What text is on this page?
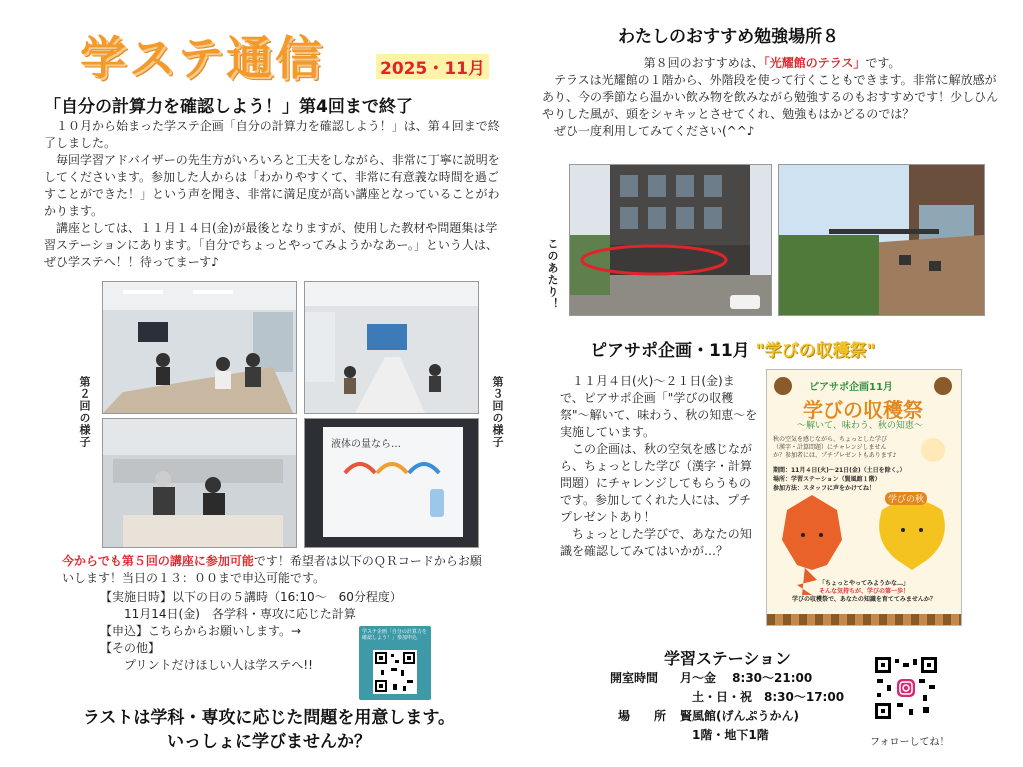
学ステ通信	2025・11月
「自分の計算力を確認しよう！」第4回まで終了

　１０月から始まった学ステ企画「自分の計算力を確認しよう！」は、第４回まで終了しました。

　毎回学習アドバイザーの先生方がいろいろと工夫をしながら、非常に丁寧に説明をしてくださいます。参加した人からは「わかりやすくて、非常に有意義な時間を過ごすことができた！」という声を聞き、非常に満足度が高い講座となっていることがわかります。

　講座としては、１１月１４日(金)が最後となりますが、使用した教材や問題集は学習ステーションにあります。「自分でちょっとやってみようかなあー。」という人は、ぜひ学ステへ！！待ってまーす♪

液体の量なら…
第２回の様子	第３回の様子

今からでも第５回の講座に参加可能です！希望者は以下のＱＲコードからお願いします！当日の１３：００まで申込可能です。

【実施日時】以下の日の５講時（16:10～　60分程度）

　　11月14日(金)　各学科・専攻に応じた計算

【申込】こちらからお願いします。→

【その他】

　　プリントだけほしい人は学ステへ!!

学ステ企画「自分の計算力を確認しよう！」参加申込
ラストは学科・専攻に応じた問題を用意します。
いっしょに学びませんか？
わたしのおすすめ勉強場所８

第８回のおすすめは、「光耀館のテラス」です。

　テラスは光耀館の１階から、外階段を使って行くこともできます。非常に解放感があり、今の季節なら温かい飲み物を飲みながら勉強するのもおすすめです！少しひんやりした風が、頭をシャキッとさせてくれ、勉強もはかどるのでは？

　ぜひ一度利用してみてください(^^♪

このあたり！
ピアサポ企画・11月 "学びの収穫祭"

　１１月４日(火)～２１日(金)まで、ピアサポ企画「"学びの収穫祭"～解いて、味わう、秋の知恵～を実施しています。

　この企画は、秋の空気を感じながら、ちょっとした学び（漢字・計算問題）にチャレンジしてもらうものです。参加してくれた人には、プチプレゼントあり！

　ちょっとした学びで、あなたの知識を確認してみてはいかが…？

ピアサポ企画11月
学びの収穫祭
～解いて、味わう、秋の知恵～
秋の空気を感じながら、ちょっとした学び（漢字・計算問題）にチャレンジしませんか？参加者には、プチプレゼントもあります♪
期間：11月４日(火)～21日(金)（土日を除く。）
場所：学習ステーション（賢風館１階）
参加方法：スタッフに声をかけてね！
学びの秋
「ちょっとやってみようかな…」
そんな気持ちが、学びの第一歩！
学びの収穫祭で、あなたの知識を育ててみませんか？
学習ステーション
開室時間	月～金　 8:30～21:00
土・日・祝　8:30～17:00
場　　所	賢風館(げんぷうかん)
1階・地下1階
フォローしてね！
